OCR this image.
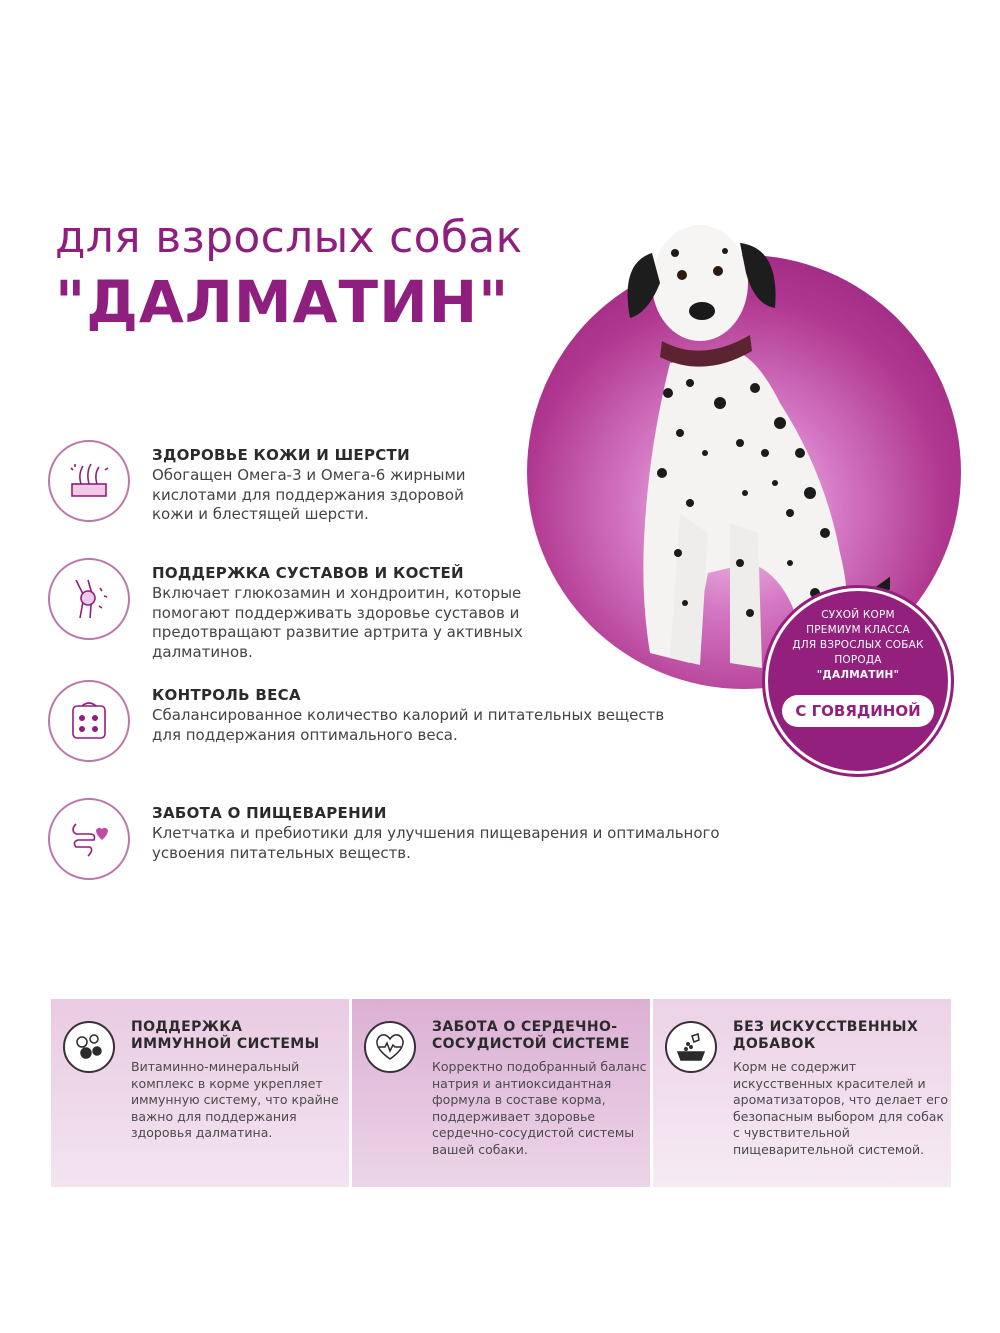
для взрослых собак
"ДАЛМАТИН"
СУХОЙ КОРМ
ПРЕМИУМ КЛАССА
ДЛЯ ВЗРОСЛЫХ СОБАК
ПОРОДА
"ДАЛМАТИН"
С ГОВЯДИНОЙ
ЗДОРОВЬЕ КОЖИ И ШЕРСТИ
Обогащен Омега-3 и Омега-6 жирными кислотами для поддержания здоровой кожи и блестящей шерсти.
ПОДДЕРЖКА СУСТАВОВ И КОСТЕЙ
Включает глюкозамин и хондроитин, которые помогают поддерживать здоровье суставов и предотвращают развитие артрита у активных далматинов.
КОНТРОЛЬ ВЕСА
Сбалансированное количество калорий и питательных веществ для поддержания оптимального веса.
ЗАБОТА О ПИЩЕВАРЕНИИ
Клетчатка и пребиотики для улучшения пищеварения и оптимального усвоения питательных веществ.
ПОДДЕРЖКА ИММУННОЙ СИСТЕМЫ
Витаминно-минеральный комплекс в корме укрепляет иммунную систему, что крайне важно для поддержания здоровья далматина.
ЗАБОТА О СЕРДЕЧНО-СОСУДИСТОЙ СИСТЕМЕ
Корректно подобранный баланс натрия и антиоксидантная формула в составе корма, поддерживает здоровье сердечно-сосудистой системы вашей собаки.
БЕЗ ИСКУССТВЕННЫХ ДОБАВОК
Корм не содержит искусственных красителей и ароматизаторов, что делает его безопасным выбором для собак с чувствительной пищеварительной системой.
